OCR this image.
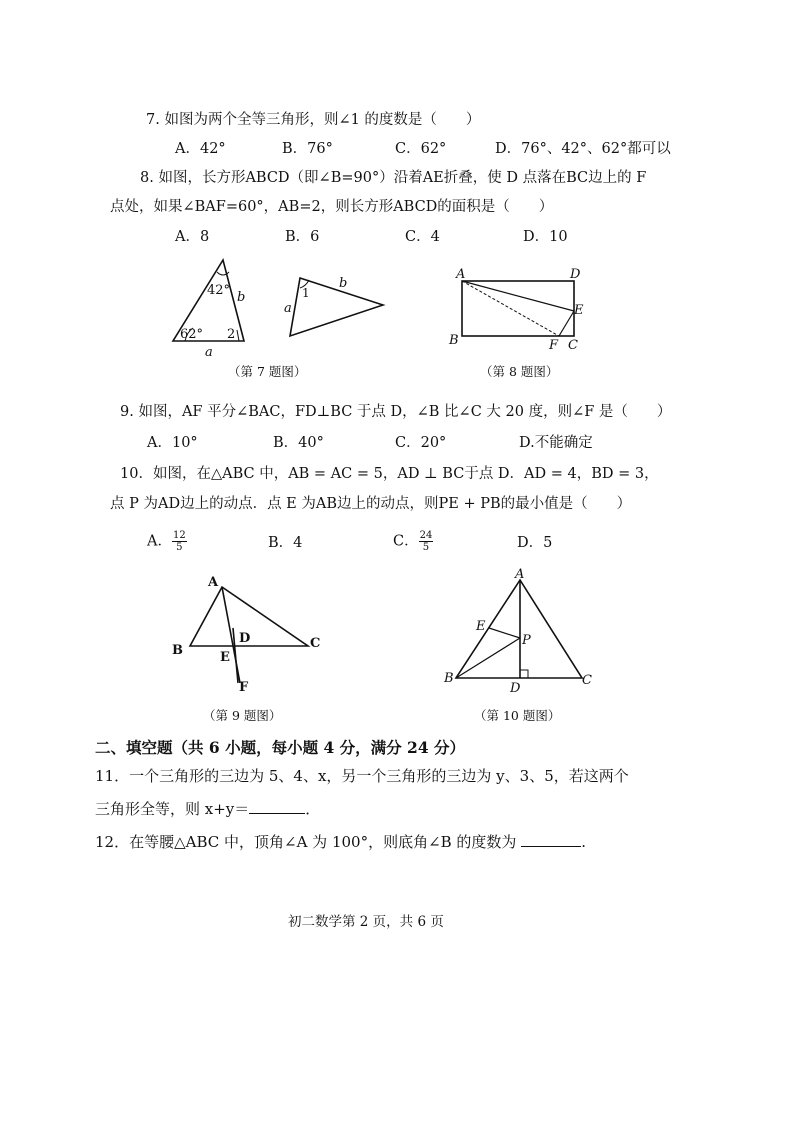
7. 如图为两个全等三角形，则∠1 的度数是（　　）
A．42°	B．76°	C．62°	D．76°、42°、62°都可以
8. 如图，长方形ABCD（即∠B=90°）沿着AE折叠，使 D 点落在BC边上的 F
点处，如果∠BAF=60°，AB=2，则长方形ABCD的面积是（　　）
A．8	B．6	C．4	D．10
42°
62° 2
b
a
1
b
a
（第 7 题图）
A	D
E
B	F C
（第 8 题图）
9. 如图，AF 平分∠BAC，FD⊥BC 于点 D，∠B 比∠C 大 20 度，则∠F 是（　　）
A．10°	B．40°	C．20°	D.不能确定
10．如图，在△ABC 中，AB = AC = 5，AD ⊥ BC于点 D．AD = 4，BD = 3，
点 P 为AD边上的动点．点 E 为AB边上的动点，则PE + PB的最小值是（　　）
A． $\frac{12}{5}$	B．4	C． $\frac{24}{5}$	D．5
A
B	C
D
E
F
（第 9 题图）
A
E
P
B
D
C
（第 10 题图）
二、填空题（共 6 小题，每小题 4 分，满分 24 分）
11．一个三角形的三边为 5、4、x，另一个三角形的三边为 y、3、5，若这两个
三角形全等，则 x+y＝	．
12．在等腰△ABC 中，顶角∠A 为 100°，则底角∠B 的度数为	.
初二数学第 2 页，共 6 页
